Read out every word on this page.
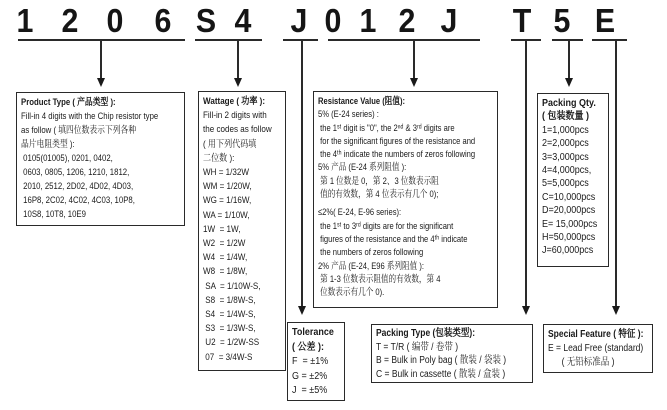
1 2 0 6 S 4 J 0 1 2 J T 5 E
Product Type ( 产品类型 ):
Fill-in 4 digits with the Chip resistor type
as follow ( 填四位数表示下列各种
晶片电阻类型 ):
0105(01005), 0201, 0402,
0603, 0805, 1206, 1210, 1812,
2010, 2512, 2D02, 4D02, 4D03,
16P8, 2C02, 4C02, 4C03, 10P8,
10S8, 10T8, 10E9
Wattage ( 功率 ):
Fill-in 2 digits with
the codes as follow
( 用下列代码填
二位数 ):
WH = 1/32W
WM = 1/20W,
WG = 1/16W,
WA = 1/10W,
1W  = 1W,
W2  = 1/2W
W4  = 1/4W,
W8  = 1/8W,
SA  = 1/10W-S,
S8  = 1/8W-S,
S4  = 1/4W-S,
S3  = 1/3W-S,
U2  = 1/2W-SS
07  = 3/4W-S
Tolerance
( 公差 ):
F  = ±1%
G = ±2%
J  = ±5%
Resistance Value (阻值):
5% (E-24 series) :
the 1ˢᵗ digit is "0", the 2ⁿᵈ & 3ʳᵈ digits are
for the significant figures of the resistance and
the 4ᵗʰ indicate the numbers of zeros following
5% 产品 (E-24 系列阻值 ):
第 1 位数是 0，第 2、3 位数表示阻
值的有效数，第 4 位表示有几个 0);
≤2%( E-24, E-96 series):
the 1ˢᵗ to 3ʳᵈ digits are for the significant
figures of the resistance and the 4ᵗʰ indicate
the numbers of zeros following
2% 产品 (E-24, E96 系列阻值 ):
第 1-3 位数表示阻值的有效数，第 4
位数表示有几个 0).
Packing Type (包装类型):
T = T/R ( 编带 / 卷带 )
B = Bulk in Poly bag ( 散装 / 袋装 )
C = Bulk in cassette ( 散装 / 盒装 )
Packing Qty.
( 包装数量 )
1=1,000pcs
2=2,000pcs
3=3,000pcs
4=4,000pcs,
5=5,000pcs
C=10,000pcs
D=20,000pcs
E= 15,000pcs
H=50,000pcs
J=60,000pcs
Special Feature ( 特征 ):
E = Lead Free (standard)
( 无铅标准品 )
